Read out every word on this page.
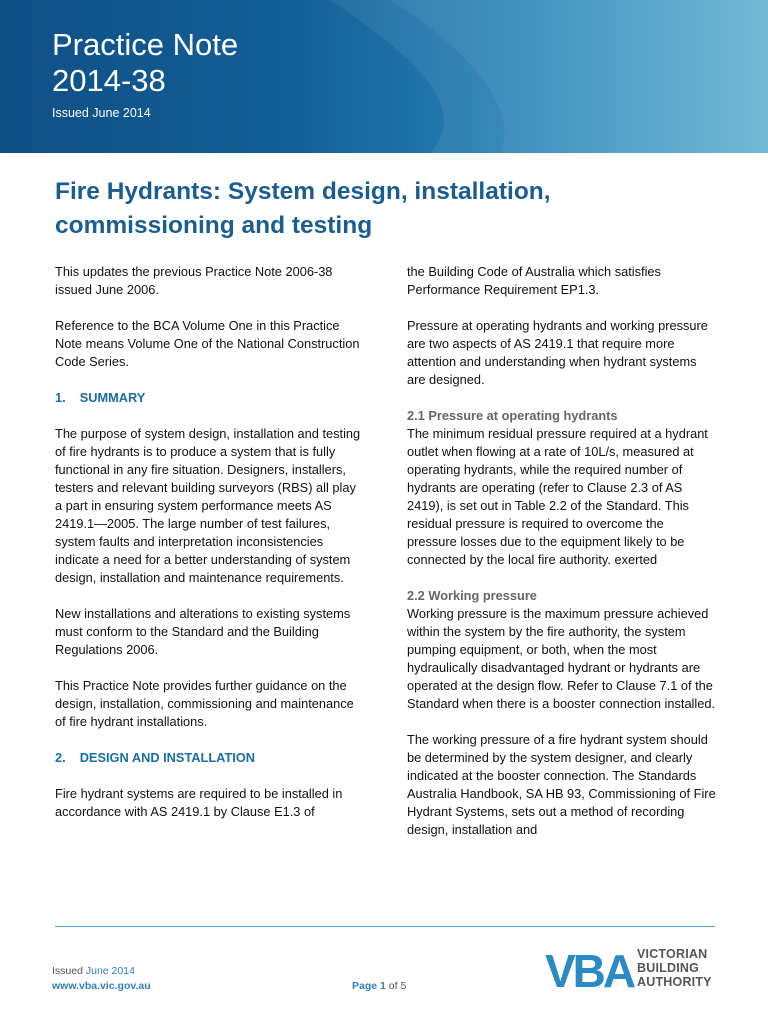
Practice Note
2014-38
Issued June 2014
Fire Hydrants: System design, installation, commissioning and testing

This updates the previous Practice Note 2006-38 issued June 2006.

Reference to the BCA Volume One in this Practice Note means Volume One of the National Construction Code Series.

1. SUMMARY

The purpose of system design, installation and testing of fire hydrants is to produce a system that is fully functional in any fire situation. Designers, installers, testers and relevant building surveyors (RBS) all play a part in ensuring system performance meets AS 2419.1—2005. The large number of test failures, system faults and interpretation inconsistencies indicate a need for a better understanding of system design, installation and maintenance requirements.

New installations and alterations to existing systems must conform to the Standard and the Building Regulations 2006.

This Practice Note provides further guidance on the design, installation, commissioning and maintenance of fire hydrant installations.

2. DESIGN AND INSTALLATION

Fire hydrant systems are required to be installed in accordance with AS 2419.1 by Clause E1.3 of

the Building Code of Australia which satisfies Performance Requirement EP1.3.

Pressure at operating hydrants and working pressure are two aspects of AS 2419.1 that require more attention and understanding when hydrant systems are designed.

2.1 Pressure at operating hydrants

The minimum residual pressure required at a hydrant outlet when flowing at a rate of 10L/s, measured at operating hydrants, while the required number of hydrants are operating (refer to Clause 2.3 of AS 2419), is set out in Table 2.2 of the Standard. This residual pressure is required to overcome the pressure losses due to the equipment likely to be connected by the local fire authority. exerted

2.2 Working pressure

Working pressure is the maximum pressure achieved within the system by the fire authority, the system pumping equipment, or both, when the most hydraulically disadvantaged hydrant or hydrants are operated at the design flow. Refer to Clause 7.1 of the Standard when there is a booster connection installed.

The working pressure of a fire hydrant system should be determined by the system designer, and clearly indicated at the booster connection. The Standards Australia Handbook, SA HB 93, Commissioning of Fire Hydrant Systems, sets out a method of recording design, installation and

Issued June 2014
www.vba.vic.gov.au	Page 1 of 5	VBA VICTORIAN
BUILDING
AUTHORITY
